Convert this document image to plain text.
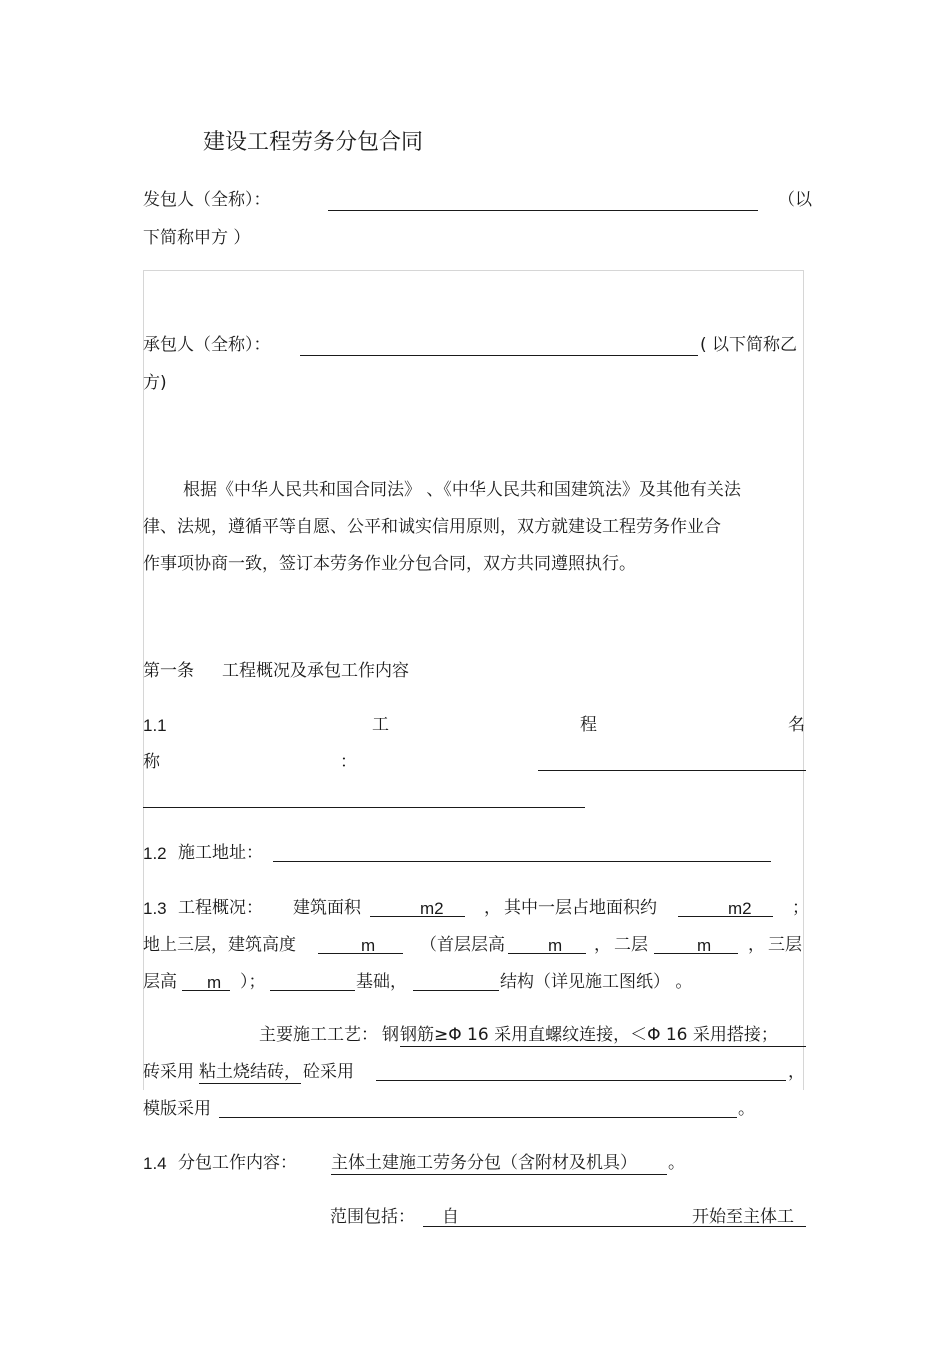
建设工程劳务分包合同
发包人（全称）：	（以
下简称甲方 ）
承包人（全称）：	( 以下简称乙
方)
根据《中华人民共和国合同法》 、《中华人民共和国建筑法》及其他有关法
律、法规，遵循平等自愿、公平和诚实信用原则，双方就建设工程劳务作业合
作事项协商一致，签订本劳务作业分包合同，双方共同遵照执行。
第一条 工程概况及承包工作内容
1.1	工	程	名
称	：
1.2 施工地址：
1.3 工程概况： 建筑面积	m2 ， 其中一层占地面积约	m2 ；
地上三层，建筑高度	m	（首层层高	m ， 二层	m ， 三层
层高 m ）；	基础，	结构（详见施工图纸） 。
主要施工工艺： 钢 钢筋≥Φ 16 采用直螺纹连接，＜Φ 16 采用搭接；
砖采用 粘土烧结砖， 砼采用	，
模版采用	。
1.4 分包工作内容： 主体土建施工劳务分包（含附材及机具）	。
范围包括： 自	开始至主体工
